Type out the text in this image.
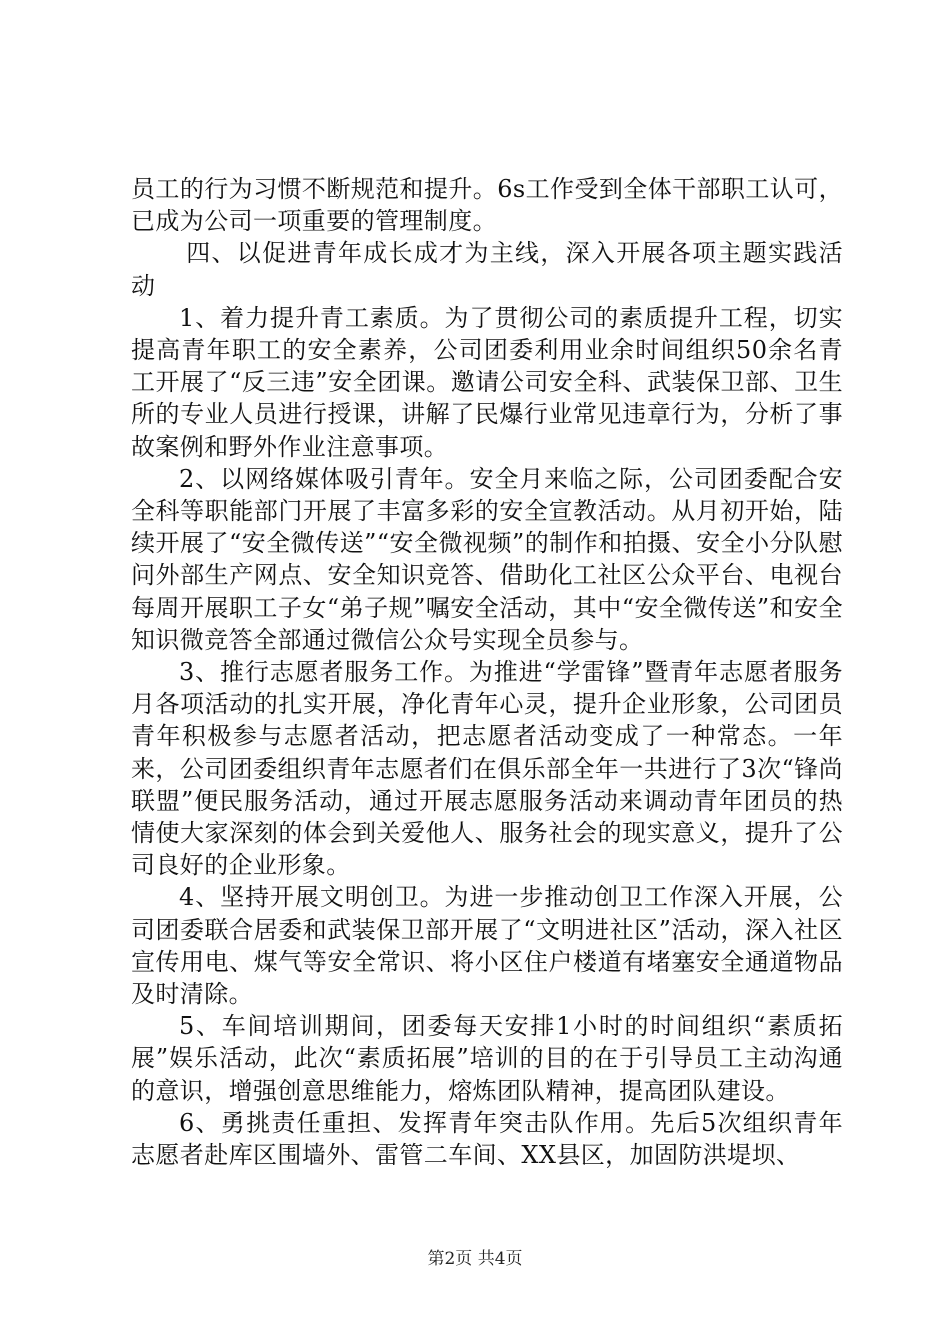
员工的行为习惯不断规范和提升。6s工作受到全体干部职工认可，已成为公司一项重要的管理制度。

四、以促进青年成长成才为主线，深入开展各项主题实践活动

1、着力提升青工素质。为了贯彻公司的素质提升工程，切实提高青年职工的安全素养，公司团委利用业余时间组织50余名青工开展了“反三违”安全团课。邀请公司安全科、武装保卫部、卫生所的专业人员进行授课，讲解了民爆行业常见违章行为，分析了事故案例和野外作业注意事项。

2、以网络媒体吸引青年。安全月来临之际，公司团委配合安全科等职能部门开展了丰富多彩的安全宣教活动。从月初开始，陆续开展了“安全微传送”“安全微视频”的制作和拍摄、安全小分队慰问外部生产网点、安全知识竞答、借助化工社区公众平台、电视台每周开展职工子女“弟子规”嘱安全活动，其中“安全微传送”和安全知识微竞答全部通过微信公众号实现全员参与。

3、推行志愿者服务工作。为推进“学雷锋”暨青年志愿者服务月各项活动的扎实开展，净化青年心灵，提升企业形象，公司团员青年积极参与志愿者活动，把志愿者活动变成了一种常态。一年来，公司团委组织青年志愿者们在俱乐部全年一共进行了3次“锋尚联盟”便民服务活动，通过开展志愿服务活动来调动青年团员的热情使大家深刻的体会到关爱他人、服务社会的现实意义，提升了公司良好的企业形象。

4、坚持开展文明创卫。为进一步推动创卫工作深入开展，公司团委联合居委和武装保卫部开展了“文明进社区”活动，深入社区宣传用电、煤气等安全常识、将小区住户楼道有堵塞安全通道物品及时清除。

5、车间培训期间，团委每天安排1小时的时间组织“素质拓展”娱乐活动，此次“素质拓展”培训的目的在于引导员工主动沟通的意识，增强创意思维能力，熔炼团队精神，提高团队建设。

6、勇挑责任重担、发挥青年突击队作用。先后5次组织青年志愿者赴库区围墙外、雷管二车间、XX县区，加固防洪堤坝、

第2页 共4页
